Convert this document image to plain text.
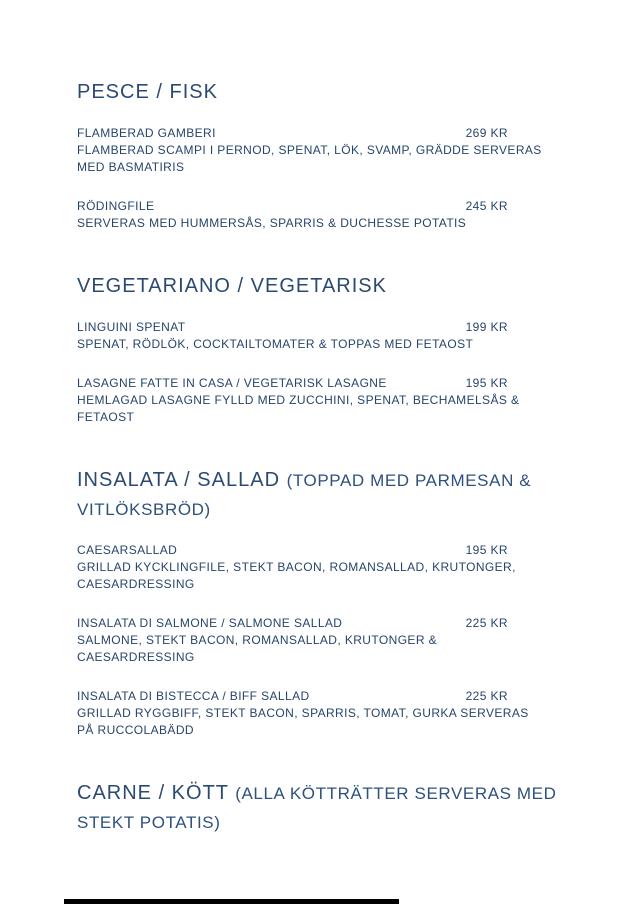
PESCE / FISK
FLAMBERAD GAMBERI	269 KR
FLAMBERAD SCAMPI I PERNOD, SPENAT, LÖK, SVAMP, GRÄDDE SERVERAS MED BASMATIRIS
RÖDINGFILE	245 KR
SERVERAS MED HUMMERSÅS, SPARRIS & DUCHESSE POTATIS
VEGETARIANO / VEGETARISK
LINGUINI SPENAT	199 KR
SPENAT, RÖDLÖK, COCKTAILTOMATER & TOPPAS MED FETAOST
LASAGNE FATTE IN CASA / VEGETARISK LASAGNE	195 KR
HEMLAGAD LASAGNE FYLLD MED ZUCCHINI, SPENAT, BECHAMELSÅS & FETAOST
INSALATA / SALLAD (TOPPAD MED PARMESAN & VITLÖKSBRÖD)
CAESARSALLAD	195 KR
GRILLAD KYCKLINGFILE, STEKT BACON, ROMANSALLAD, KRUTONGER, CAESARDRESSING
INSALATA DI SALMONE / SALMONE SALLAD	225 KR
SALMONE, STEKT BACON, ROMANSALLAD, KRUTONGER & CAESARDRESSING
INSALATA DI BISTECCA / BIFF SALLAD	225 KR
GRILLAD RYGGBIFF, STEKT BACON, SPARRIS, TOMAT, GURKA SERVERAS PÅ RUCCOLABÄDD
CARNE / KÖTT (ALLA KÖTTRÄTTER SERVERAS MED STEKT POTATIS)
